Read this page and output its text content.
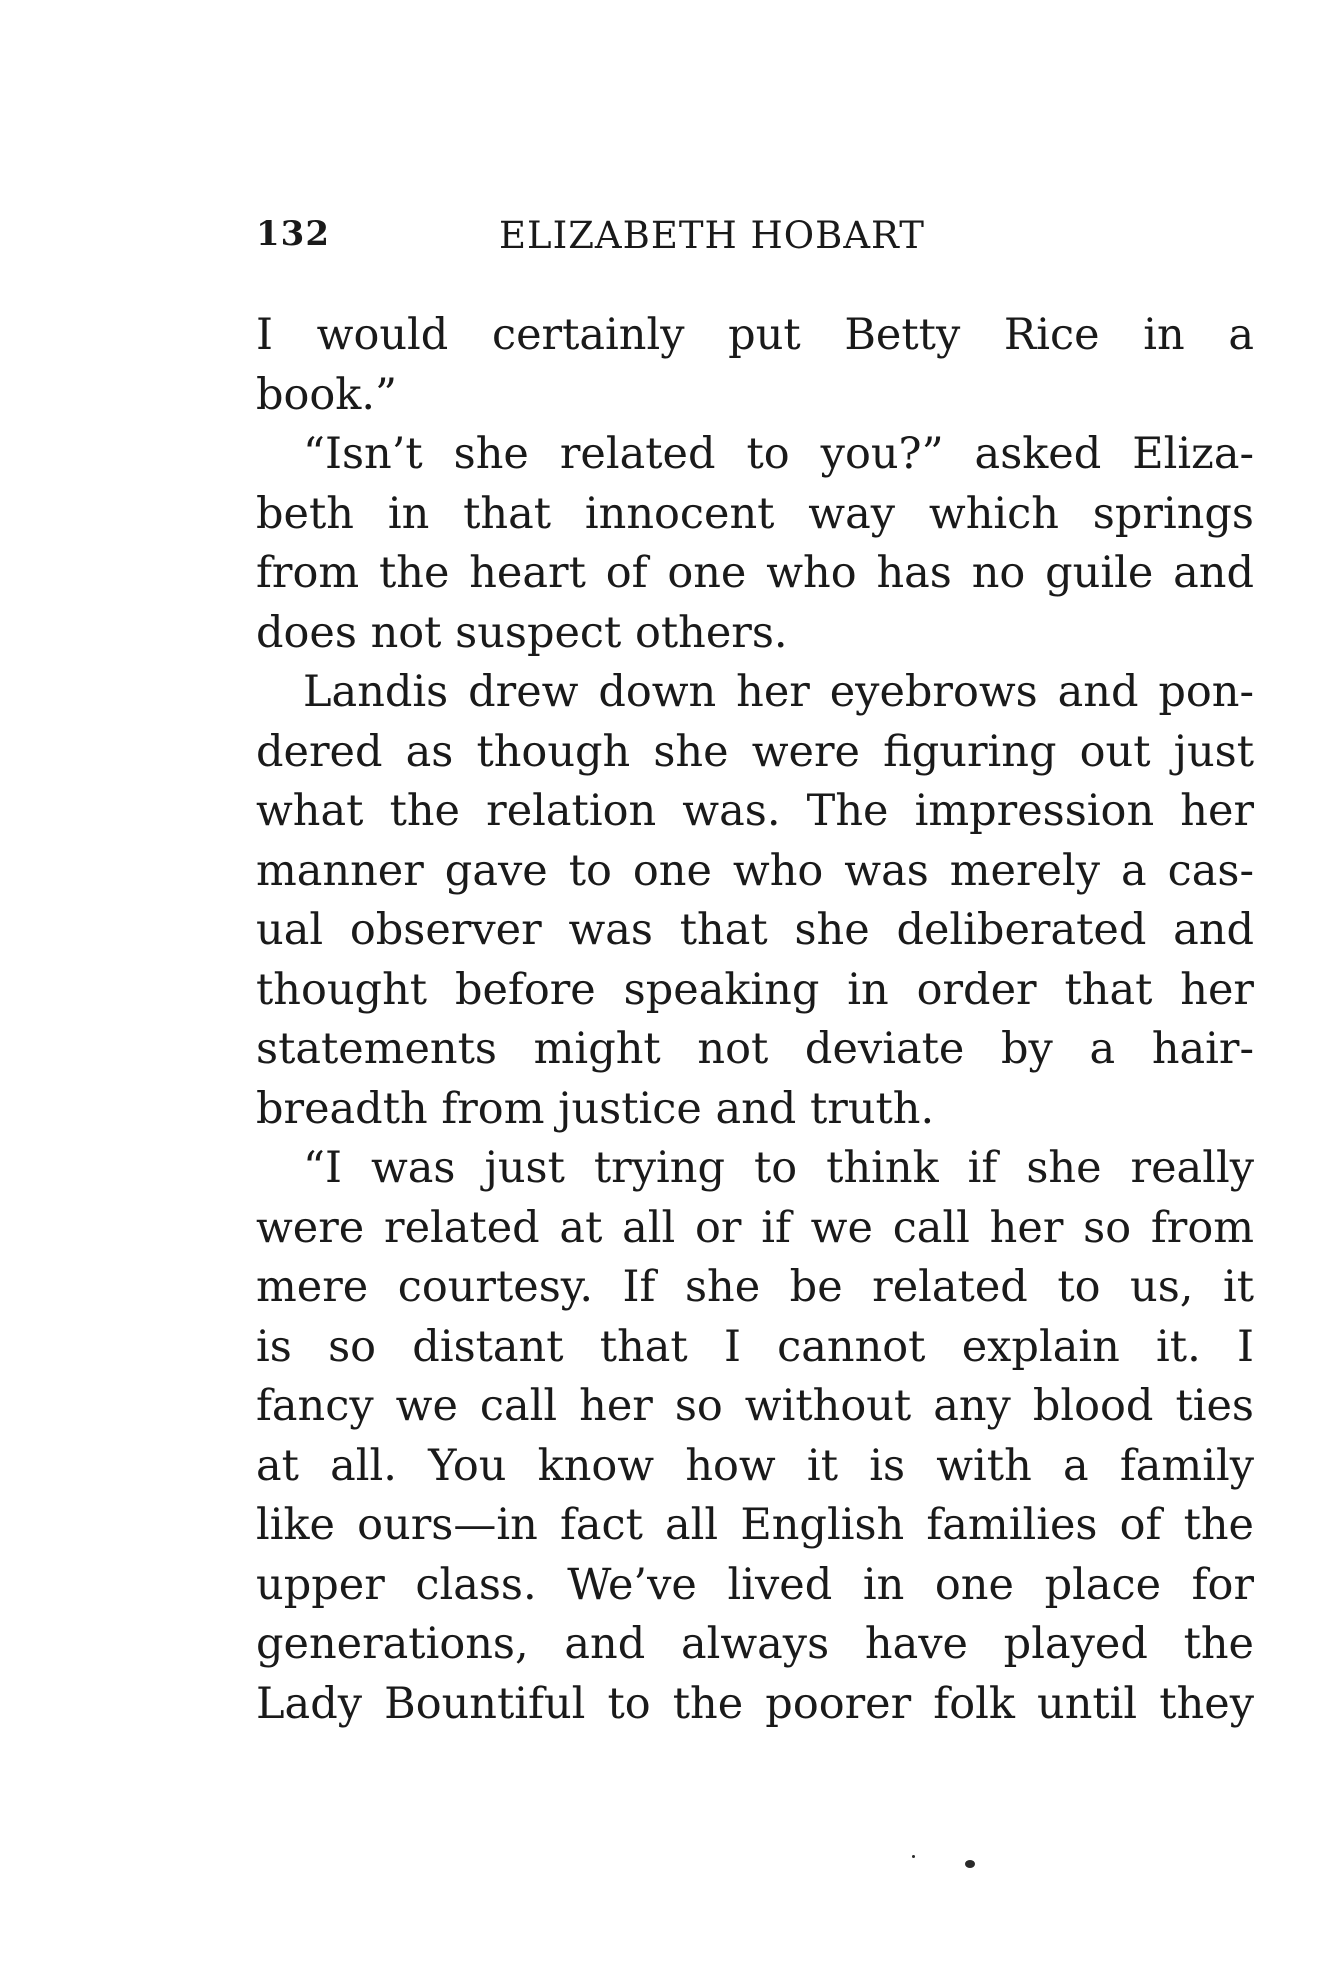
132	ELIZABETH HOBART
I would certainly put Betty Rice in a
book.”
“Isn’t she related to you?” asked Eliza-
beth in that innocent way which springs
from the heart of one who has no guile and
does not suspect others.
Landis drew down her eyebrows and pon-
dered as though she were figuring out just
what the relation was. The impression her
manner gave to one who was merely a cas-
ual observer was that she deliberated and
thought before speaking in order that her
statements might not deviate by a hair-
breadth from justice and truth.
“I was just trying to think if she really
were related at all or if we call her so from
mere courtesy. If she be related to us, it
is so distant that I cannot explain it. I
fancy we call her so without any blood ties
at all. You know how it is with a family
like ours—in fact all English families of the
upper class. We’ve lived in one place for
generations, and always have played the
Lady Bountiful to the poorer folk until they
